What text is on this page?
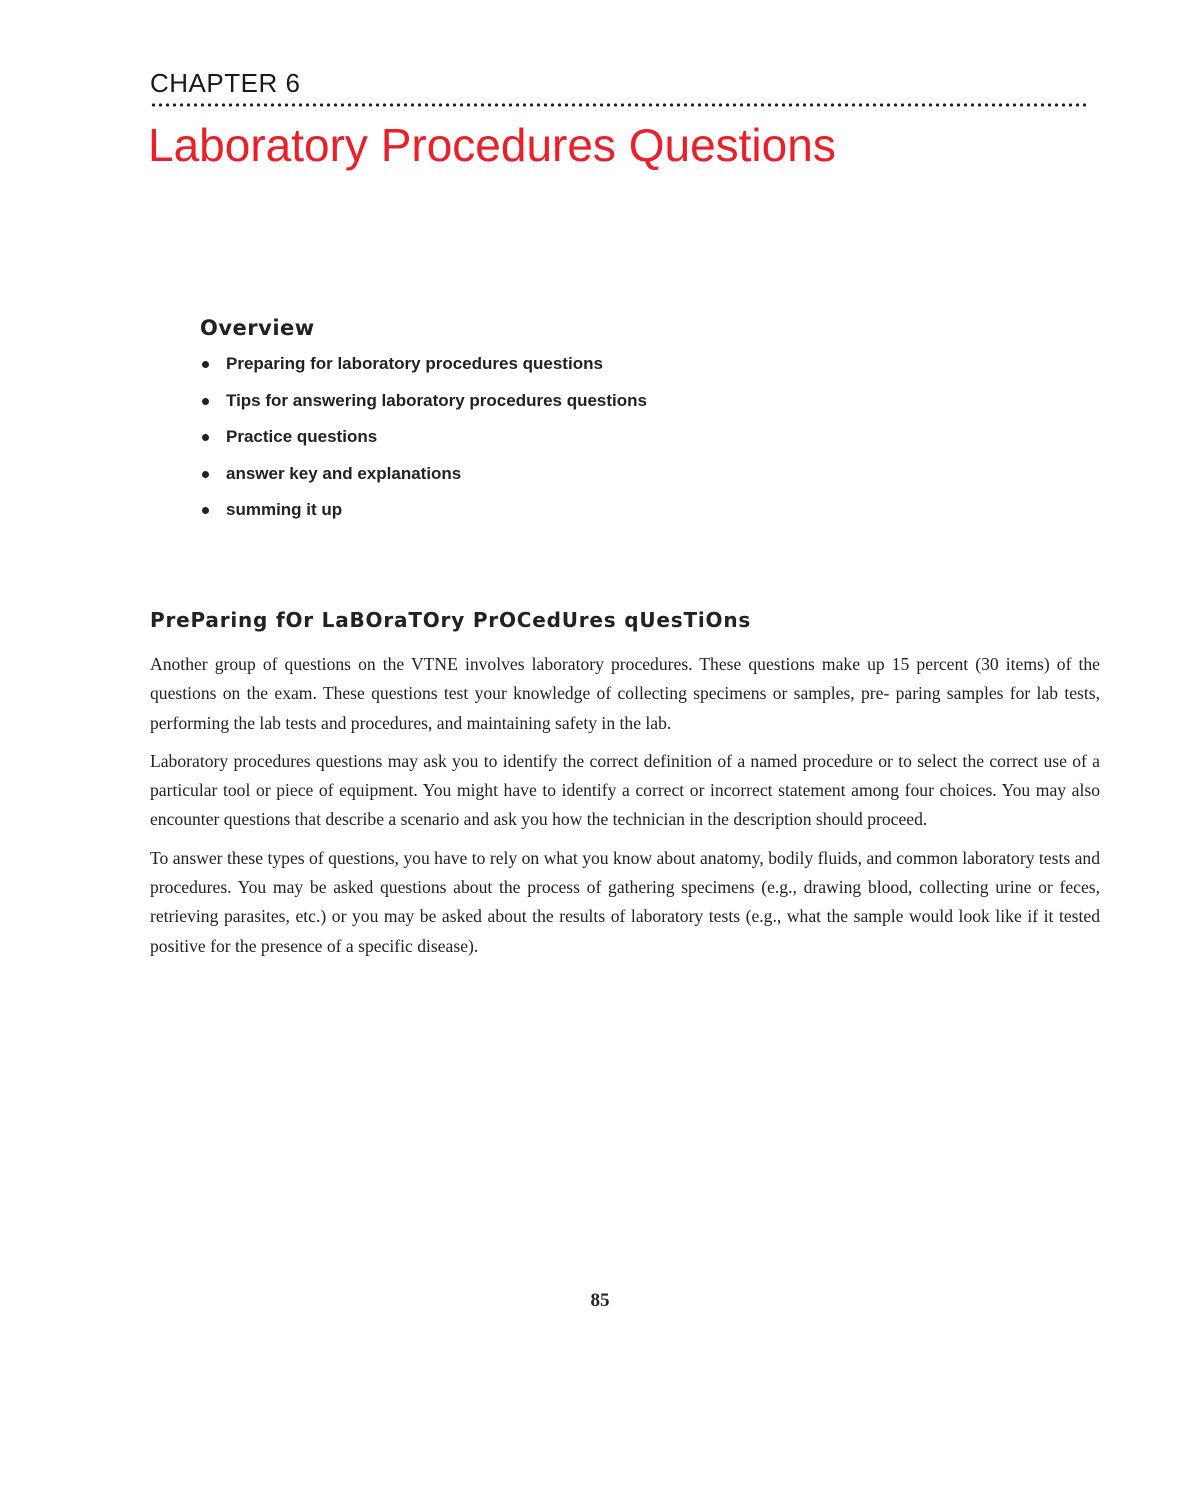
CHAPTER 6
Laboratory Procedures Questions
Overview
Preparing for laboratory procedures questions
Tips for answering laboratory procedures questions
Practice questions
answer key and explanations
summing it up
PreParing fOr LaBOraTOry PrOCedUres qUesTiOns

Another group of questions on the VTNE involves laboratory procedures. These questions make up 15 percent (30 items) of the questions on the exam. These questions test your knowledge of collecting specimens or samples, pre- paring samples for lab tests, performing the lab tests and procedures, and maintaining safety in the lab.

Laboratory procedures questions may ask you to identify the correct definition of a named procedure or to select the correct use of a particular tool or piece of equipment. You might have to identify a correct or incorrect statement among four choices. You may also encounter questions that describe a scenario and ask you how the technician in the description should proceed.

To answer these types of questions, you have to rely on what you know about anatomy, bodily fluids, and common laboratory tests and procedures. You may be asked questions about the process of gathering specimens (e.g., drawing blood, collecting urine or feces, retrieving parasites, etc.) or you may be asked about the results of laboratory tests (e.g., what the sample would look like if it tested positive for the presence of a specific disease).

85
